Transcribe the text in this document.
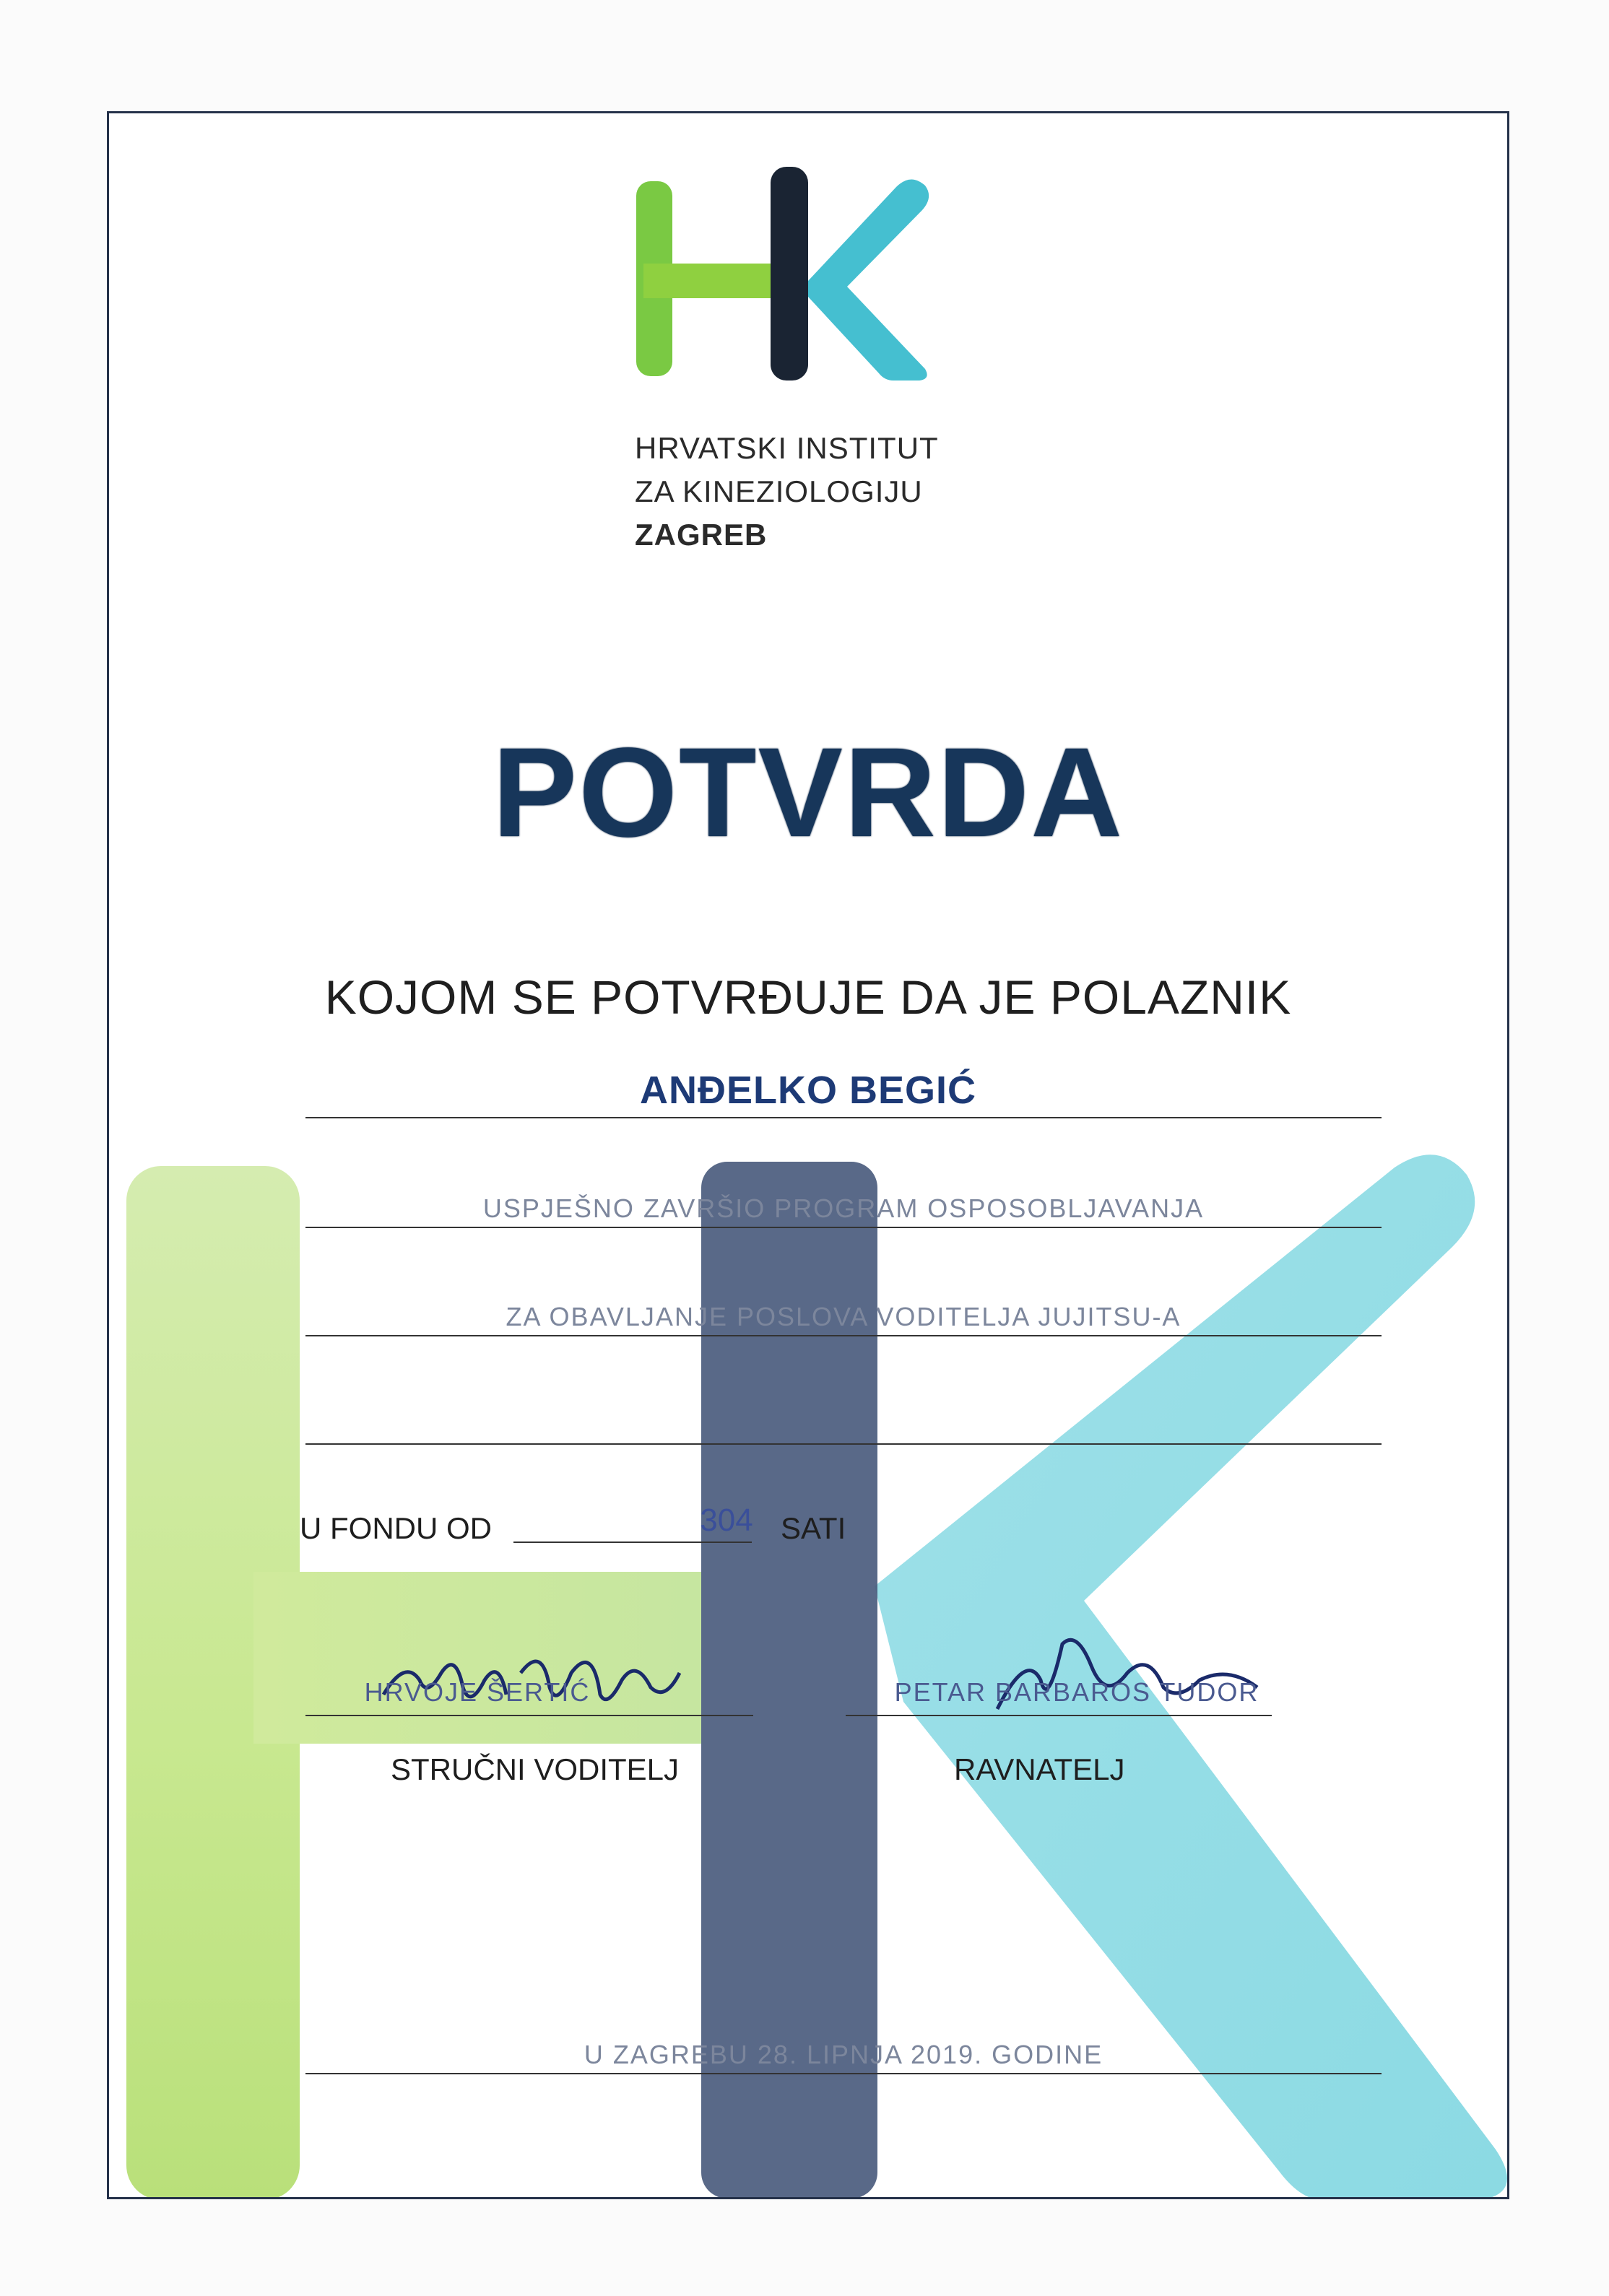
HRVATSKI INSTITUT
ZA KINEZIOLOGIJU
ZAGREB
POTVRDA
KOJOM SE POTVRĐUJE DA JE POLAZNIK
ANĐELKO BEGIĆ
USPJEŠNO ZAVRŠIO PROGRAM OSPOSOBLJAVANJA
ZA OBAVLJANJE POSLOVA VODITELJA JUJITSU-A
U FONDU OD	304 SATI
HRVOJE ŠERTIĆ
STRUČNI VODITELJ
PETAR BARBAROS TUDOR
RAVNATELJ
U ZAGREBU 28. LIPNJA 2019. GODINE
